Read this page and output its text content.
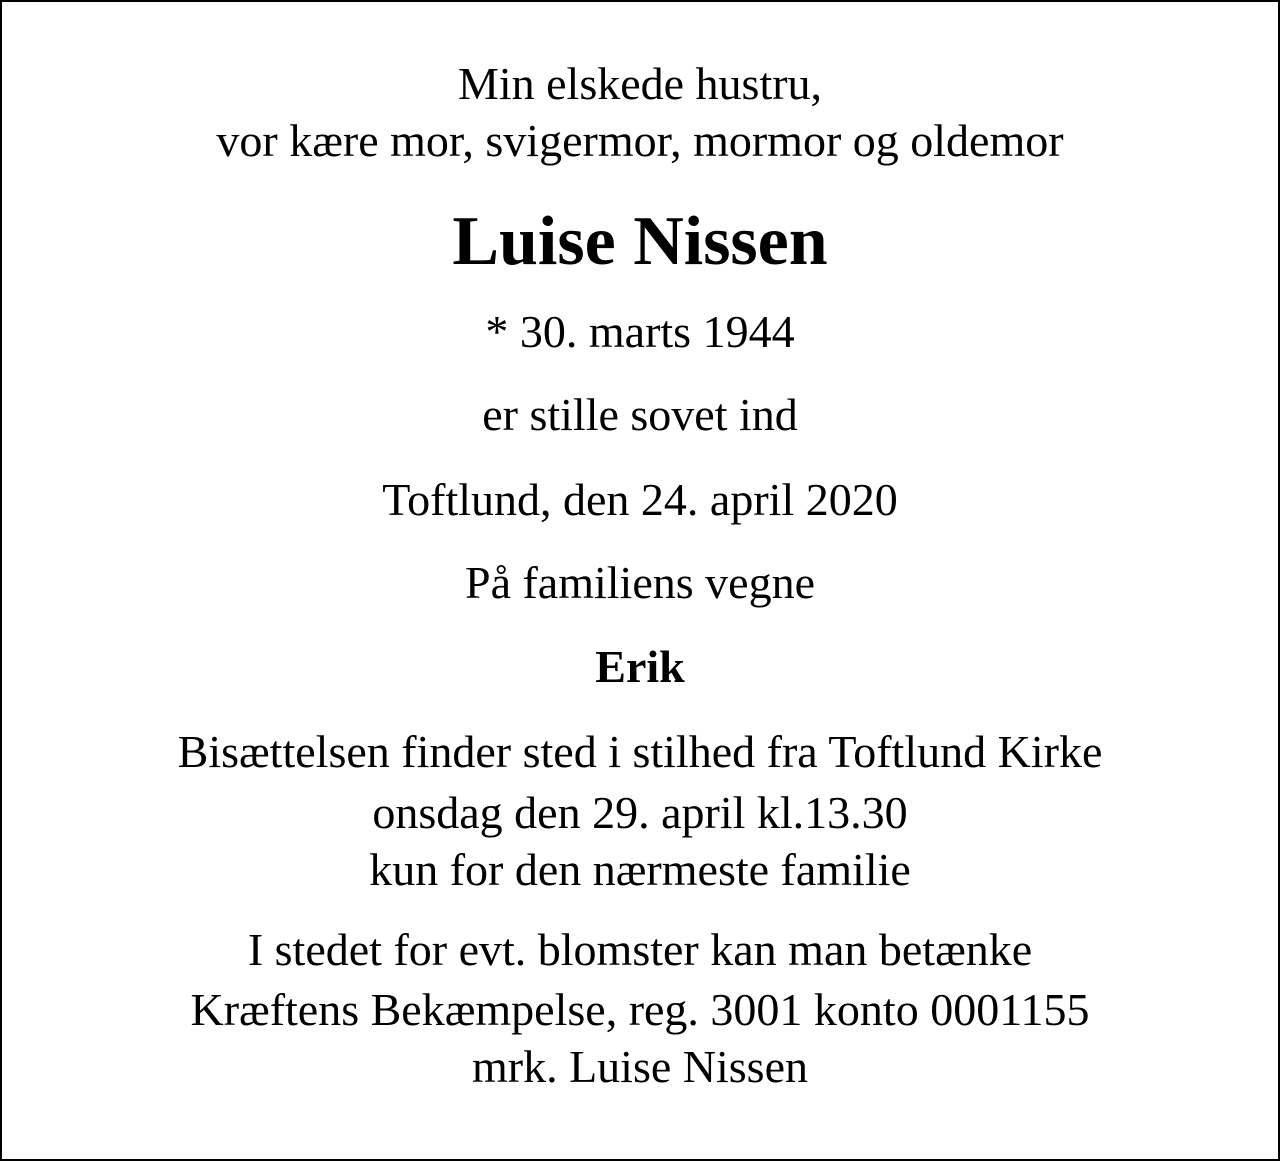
Min elskede hustru,
vor kære mor, svigermor, mormor og oldemor
Luise Nissen
* 30. marts 1944
er stille sovet ind
Toftlund, den 24. april 2020
På familiens vegne
Erik
Bisættelsen finder sted i stilhed fra Toftlund Kirke
onsdag den 29. april kl.13.30
kun for den nærmeste familie
I stedet for evt. blomster kan man betænke
Kræftens Bekæmpelse, reg. 3001 konto 0001155
mrk. Luise Nissen
